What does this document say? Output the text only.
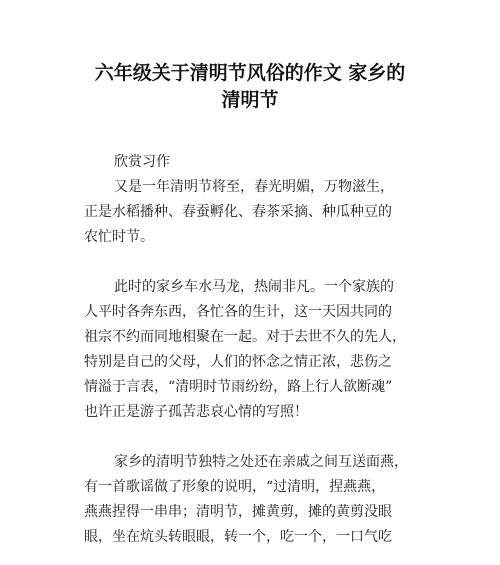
六年级关于清明节风俗的作文 家乡的
清明节
欣赏习作
又是一年清明节将至，春光明媚，万物滋生，
正是水稻播种、春蚕孵化、春茶采摘、种瓜种豆的
农忙时节。
此时的家乡车水马龙，热闹非凡。一个家族的
人平时各奔东西，各忙各的生计，这一天因共同的
祖宗不约而同地相聚在一起。对于去世不久的先人，
特别是自己的父母，人们的怀念之情正浓，悲伤之
情溢于言表，“清明时节雨纷纷，路上行人欲断魂”
也许正是游子孤苦悲哀心情的写照！
家乡的清明节独特之处还在亲戚之间互送面燕，
有一首歌谣做了形象的说明，“过清明，捏燕燕，
燕燕捏得一串串；清明节，摊黄剪，摊的黄剪没眼
眼，坐在炕头转眼眼，转一个，吃一个，一口气吃
